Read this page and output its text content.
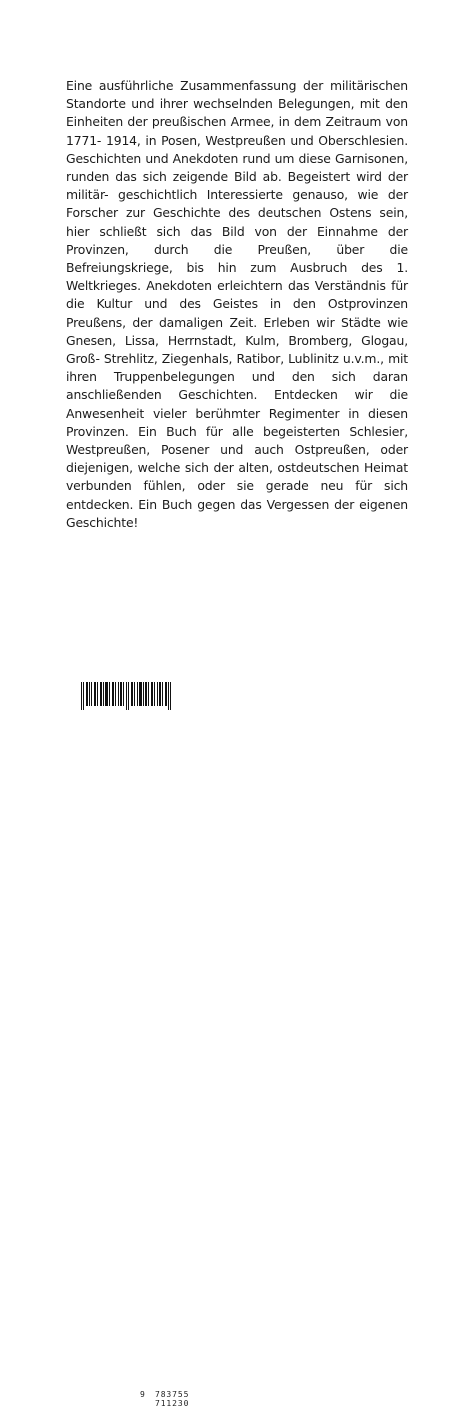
Eine ausführliche Zusammenfassung der militärischen Standorte und ihrer wechselnden Belegungen, mit den Einheiten der preußischen Armee, in dem Zeitraum von 1771- 1914, in Posen, Westpreußen und Oberschlesien. Geschichten und Anekdoten rund um diese Garnisonen, runden das sich zeigende Bild ab. Begeistert wird der militär- geschichtlich Interessierte genauso, wie der Forscher zur Geschichte des deutschen Ostens sein, hier schließt sich das Bild von der Einnahme der Provinzen, durch die Preußen, über die Befreiungskriege, bis hin zum Ausbruch des 1. Weltkrieges. Anekdoten erleichtern das Verständnis für die Kultur und des Geistes in den Ostprovinzen Preußens, der damaligen Zeit. Erleben wir Städte wie Gnesen, Lissa, Herrnstadt, Kulm, Bromberg, Glogau, Groß- Strehlitz, Ziegenhals, Ratibor, Lublinitz u.v.m., mit ihren Truppenbelegungen und den sich daran anschließenden Geschichten. Entdecken wir die Anwesenheit vieler berühmter Regimenter in diesen Provinzen. Ein Buch für alle begeisterten Schlesier, Westpreußen, Posener und auch Ostpreußen, oder diejenigen, welche sich der alten, ostdeutschen Heimat verbunden fühlen, oder sie gerade neu für sich entdecken. Ein Buch gegen das Vergessen der eigenen Geschichte!

9 783755 711230
